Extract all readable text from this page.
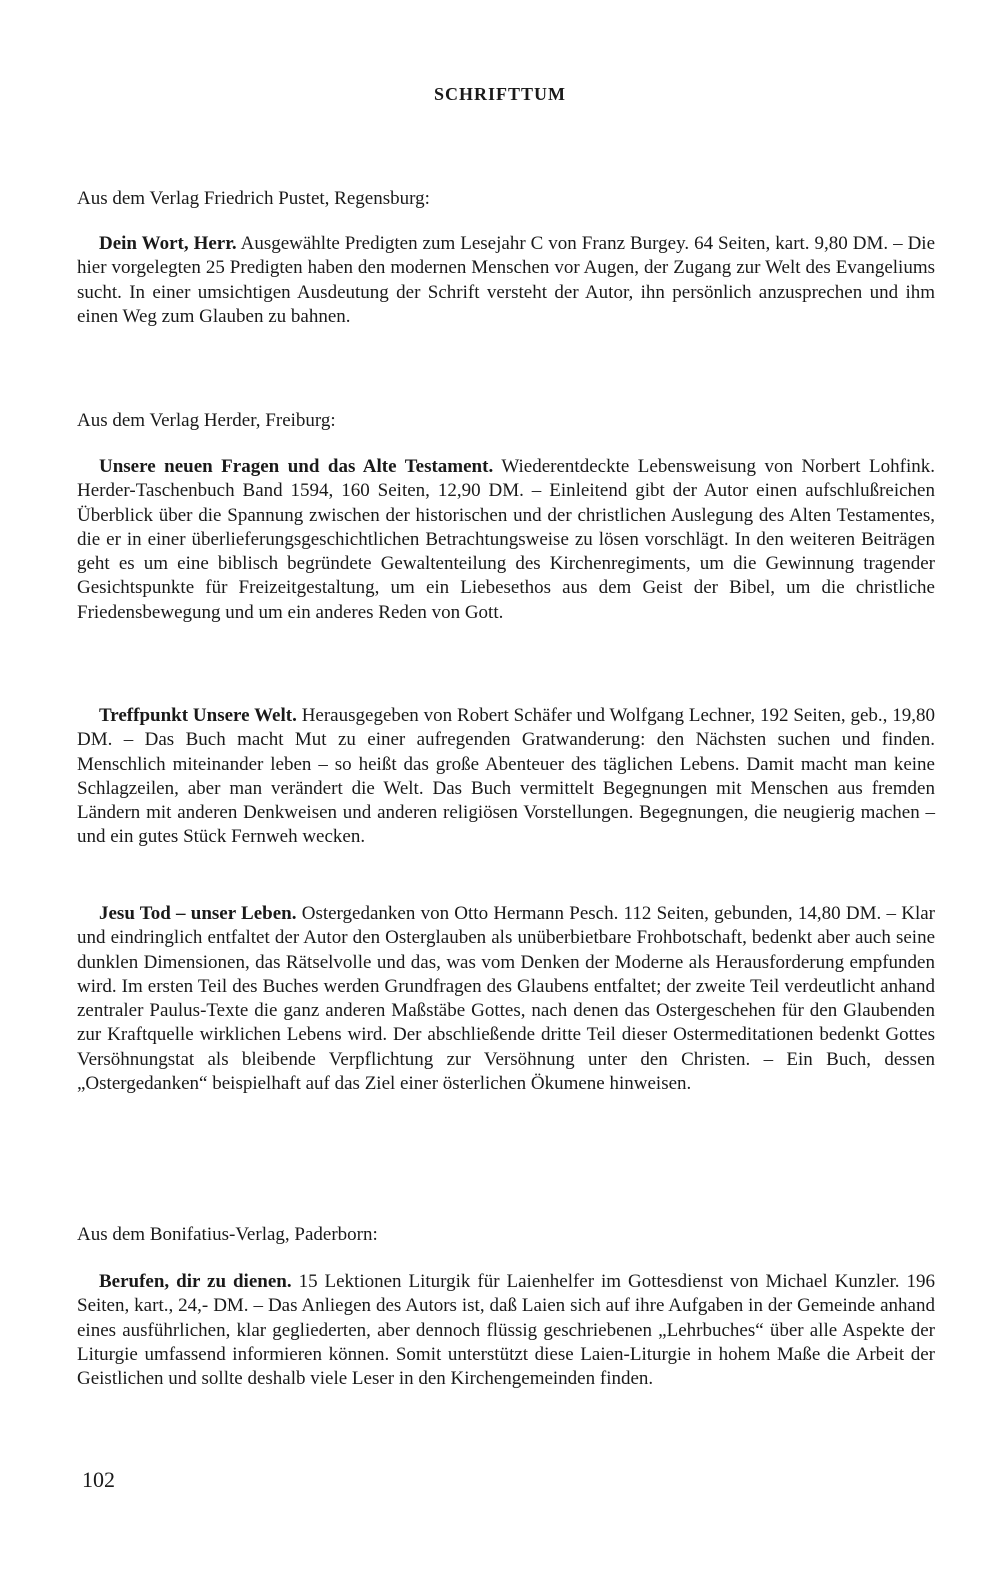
SCHRIFTTUM
Aus dem Verlag Friedrich Pustet, Regensburg:

Dein Wort, Herr. Ausgewählte Predigten zum Lesejahr C von Franz Burgey. 64 Seiten, kart. 9,80 DM. – Die hier vorgelegten 25 Predigten haben den modernen Menschen vor Augen, der Zugang zur Welt des Evangeliums sucht. In einer umsichtigen Ausdeutung der Schrift versteht der Autor, ihn persönlich anzusprechen und ihm einen Weg zum Glauben zu bahnen.

Aus dem Verlag Herder, Freiburg:

Unsere neuen Fragen und das Alte Testament. Wiederentdeckte Lebensweisung von Norbert Lohfink. Herder-Taschenbuch Band 1594, 160 Seiten, 12,90 DM. – Einleitend gibt der Autor einen aufschlußreichen Überblick über die Spannung zwischen der historischen und der christlichen Auslegung des Alten Testamentes, die er in einer überlieferungsgeschichtlichen Betrachtungsweise zu lösen vorschlägt. In den weiteren Beiträgen geht es um eine biblisch begründete Gewaltenteilung des Kirchenregiments, um die Gewinnung tragender Gesichtspunkte für Freizeitgestaltung, um ein Liebesethos aus dem Geist der Bibel, um die christliche Friedensbewegung und um ein anderes Reden von Gott.

Treffpunkt Unsere Welt. Herausgegeben von Robert Schäfer und Wolfgang Lechner, 192 Seiten, geb., 19,80 DM. – Das Buch macht Mut zu einer aufregenden Gratwanderung: den Nächsten suchen und finden. Menschlich miteinander leben – so heißt das große Abenteuer des täglichen Lebens. Damit macht man keine Schlagzeilen, aber man verändert die Welt. Das Buch vermittelt Begegnungen mit Menschen aus fremden Ländern mit anderen Denkweisen und anderen religiösen Vorstellungen. Begegnungen, die neugierig machen – und ein gutes Stück Fernweh wecken.

Jesu Tod – unser Leben. Ostergedanken von Otto Hermann Pesch. 112 Seiten, gebunden, 14,80 DM. – Klar und eindringlich entfaltet der Autor den Osterglauben als unüberbietbare Frohbotschaft, bedenkt aber auch seine dunklen Dimensionen, das Rätselvolle und das, was vom Denken der Moderne als Herausforderung empfunden wird. Im ersten Teil des Buches werden Grundfragen des Glaubens entfaltet; der zweite Teil verdeutlicht anhand zentraler Paulus-Texte die ganz anderen Maßstäbe Gottes, nach denen das Ostergeschehen für den Glaubenden zur Kraftquelle wirklichen Lebens wird. Der abschließende dritte Teil dieser Ostermeditationen bedenkt Gottes Versöhnungstat als bleibende Verpflichtung zur Versöhnung unter den Christen. – Ein Buch, dessen „Ostergedanken“ beispielhaft auf das Ziel einer österlichen Ökumene hinweisen.

Aus dem Bonifatius-Verlag, Paderborn:

Berufen, dir zu dienen. 15 Lektionen Liturgik für Laienhelfer im Gottesdienst von Michael Kunzler. 196 Seiten, kart., 24,- DM. – Das Anliegen des Autors ist, daß Laien sich auf ihre Aufgaben in der Gemeinde anhand eines ausführlichen, klar gegliederten, aber dennoch flüssig geschriebenen „Lehrbuches“ über alle Aspekte der Liturgie umfassend informieren können. Somit unterstützt diese Laien-Liturgie in hohem Maße die Arbeit der Geistlichen und sollte deshalb viele Leser in den Kirchengemeinden finden.

102
